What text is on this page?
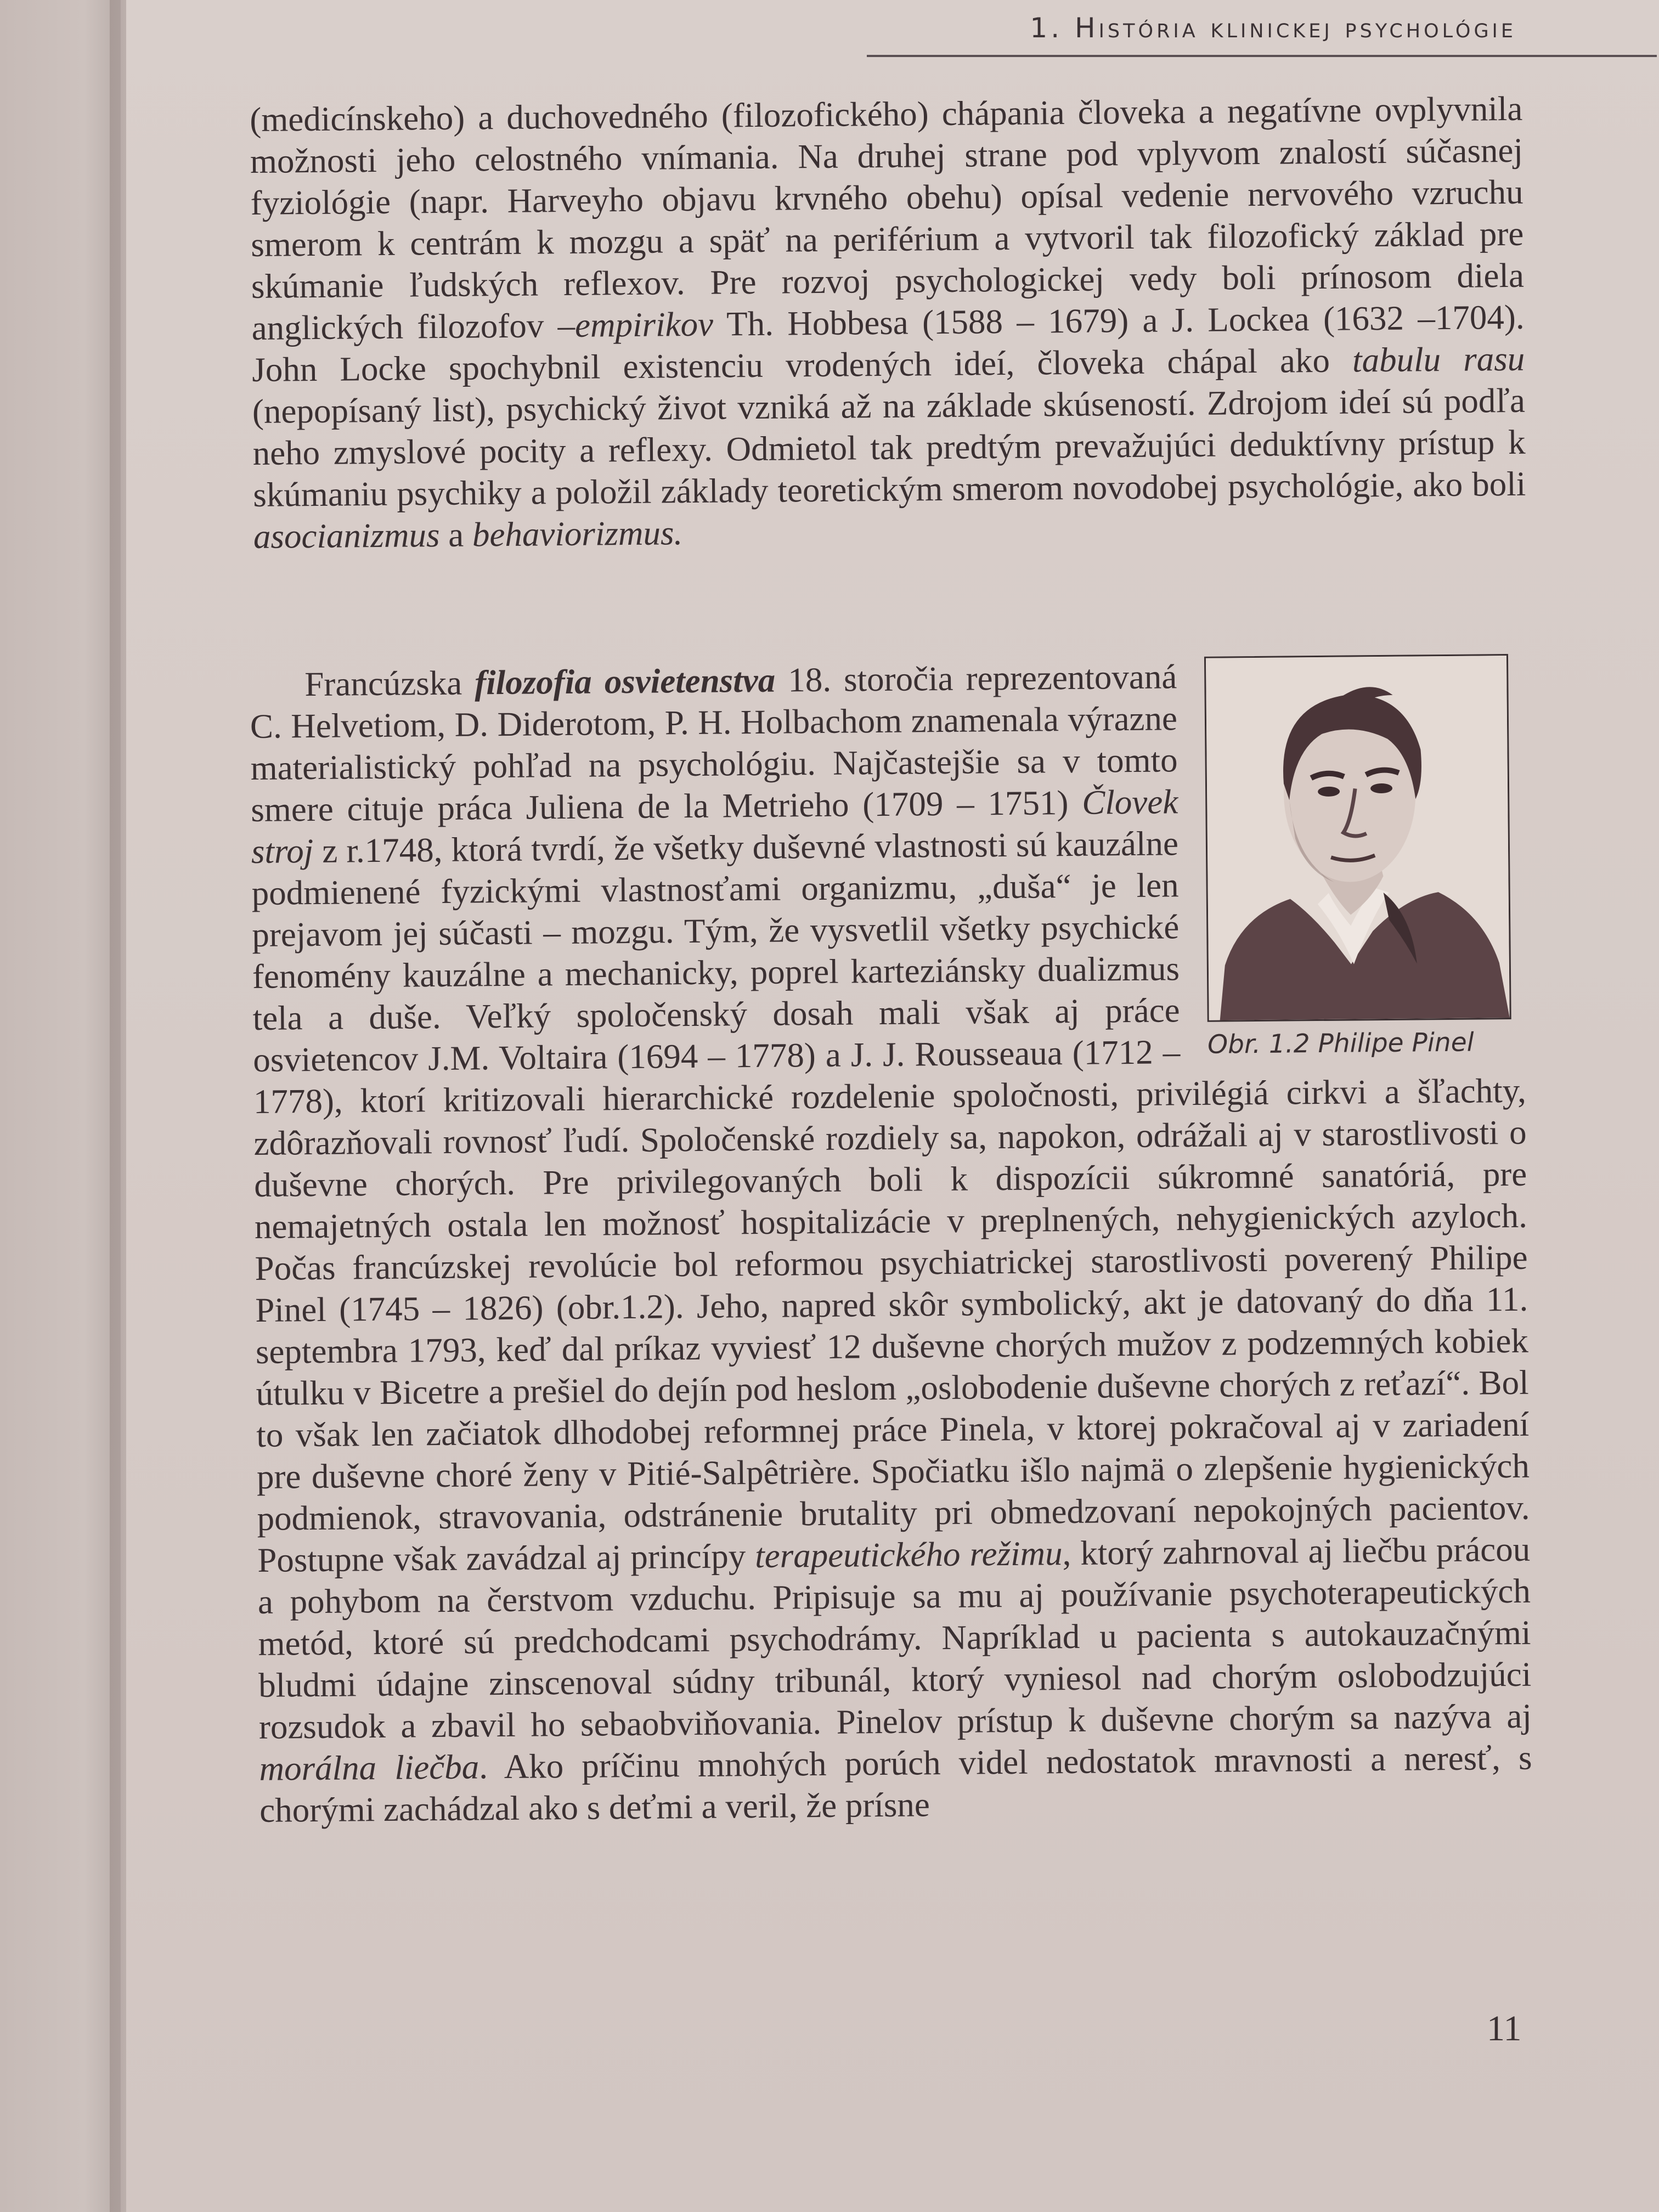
1. História klinickej psychológie

(medicínskeho) a duchovedného (filozofického) chápania človeka a negatívne ovplyvnila možnosti jeho celostného vnímania. Na druhej strane pod vplyvom znalostí súčasnej fyziológie (napr. Harveyho objavu krvného obehu) opísal vedenie nervového vzruchu smerom k centrám k mozgu a späť na periférium a vytvoril tak filozofický základ pre skúmanie ľudských reflexov. Pre rozvoj psychologickej vedy boli prínosom diela anglických filozofov –empirikov Th. Hobbesa (1588 – 1679) a J. Lockea (1632 –1704). John Locke spochybnil existenciu vrodených ideí, človeka chápal ako tabulu rasu (nepopísaný list), psychický život vzniká až na základe skúseností. Zdrojom ideí sú podľa neho zmyslové pocity a reflexy. Odmietol tak predtým prevažujúci deduktívny prístup k skúmaniu psychiky a položil základy teoretickým smerom novodobej psychológie, ako boli asocianizmus a behaviorizmus.

Obr. 1.2 Philipe Pinel

Francúzska filozofia osvietenstva 18. storočia reprezentovaná C. Helvetiom, D. Diderotom, P. H. Holbachom znamenala výrazne materialistický pohľad na psychológiu. Najčastejšie sa v tomto smere cituje práca Juliena de la Metrieho (1709 – 1751) Človek stroj z r.1748, ktorá tvrdí, že všetky duševné vlastnosti sú kauzálne podmienené fyzickými vlastnosťami organizmu, „duša“ je len prejavom jej súčasti – mozgu. Tým, že vysvetlil všetky psychické fenomény kauzálne a mechanicky, poprel karteziánsky dualizmus tela a duše. Veľký spoločenský dosah mali však aj práce osvietencov J.M. Voltaira (1694 – 1778) a J. J. Rousseaua (1712 – 1778), ktorí kritizovali hierarchické rozdelenie spoločnosti, privilégiá cirkvi a šľachty, zdôrazňovali rovnosť ľudí. Spoločenské rozdiely sa, napokon, odrážali aj v starostlivosti o duševne chorých. Pre privilegovaných boli k dispozícii súkromné sanatóriá, pre nemajetných ostala len možnosť hospitalizácie v preplnených, nehygienických azyloch. Počas francúzskej revolúcie bol reformou psychiatrickej starostlivosti poverený Philipe Pinel (1745 – 1826) (obr.1.2). Jeho, napred skôr symbolický, akt je datovaný do dňa 11. septembra 1793, keď dal príkaz vyviesť 12 duševne chorých mužov z podzemných kobiek útulku v Bicetre a prešiel do dejín pod heslom „oslobodenie duševne chorých z reťazí“. Bol to však len začiatok dlhodobej reformnej práce Pinela, v ktorej pokračoval aj v zariadení pre duševne choré ženy v Pitié-Salpêtrière. Spočiatku išlo najmä o zlepšenie hygienických podmienok, stravovania, odstránenie brutality pri obmedzovaní nepokojných pacientov. Postupne však zavádzal aj princípy terapeutického režimu, ktorý zahrnoval aj liečbu prácou a pohybom na čerstvom vzduchu. Pripisuje sa mu aj používanie psychoterapeutických metód, ktoré sú predchodcami psychodrámy. Napríklad u pacienta s autokauzačnými bludmi údajne zinscenoval súdny tribunál, ktorý vyniesol nad chorým oslobodzujúci rozsudok a zbavil ho sebaobviňovania. Pinelov prístup k duševne chorým sa nazýva aj morálna liečba. Ako príčinu mnohých porúch videl nedostatok mravnosti a neresť, s chorými zachádzal ako s deťmi a veril, že prísne

11
